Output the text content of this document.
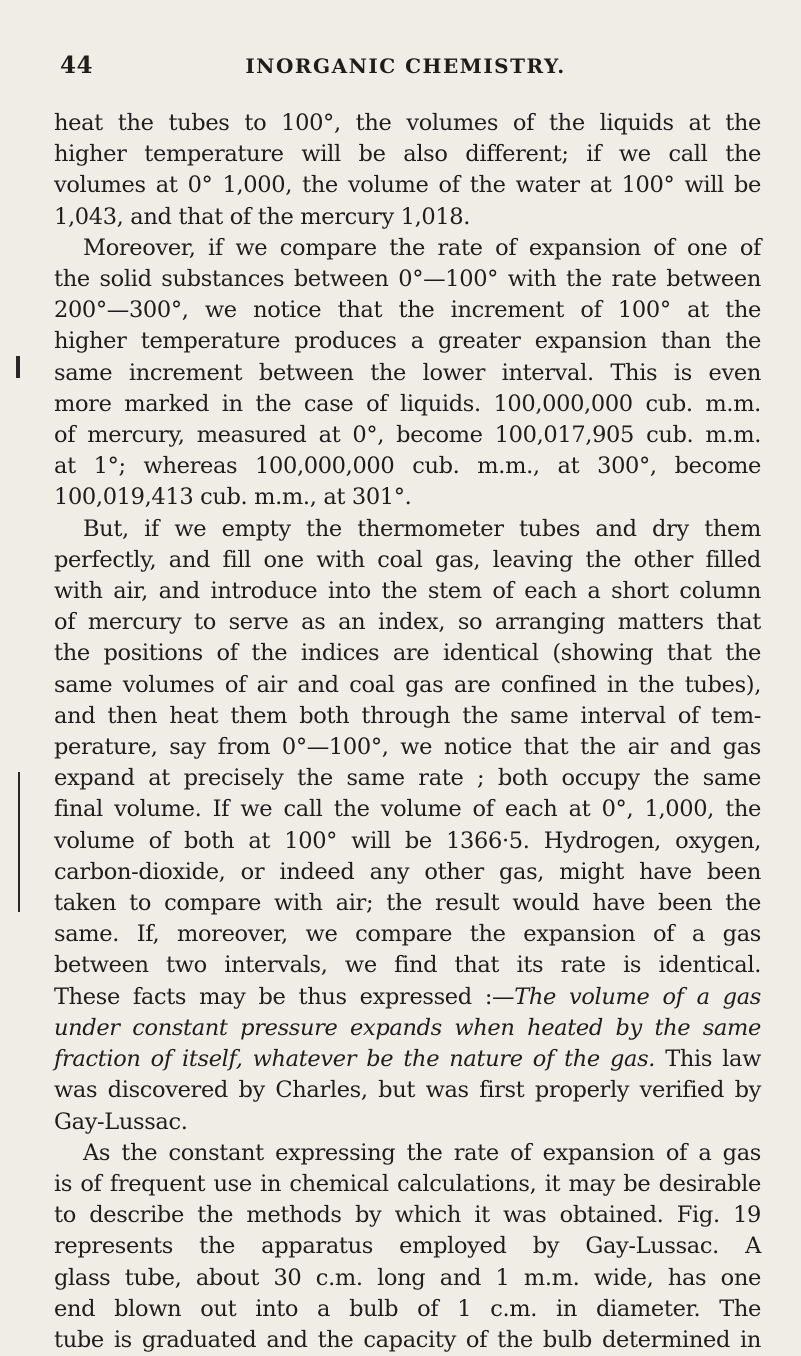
44	INORGANIC CHEMISTRY.
heat the tubes to 100°, the volumes of the liquids at the
higher temperature will be also different; if we call the
volumes at 0° 1,000, the volume of the water at 100° will be
1,043, and that of the mercury 1,018.
Moreover, if we compare the rate of expansion of one of
the solid substances between 0°—100° with the rate between
200°—300°, we notice that the increment of 100° at the
higher temperature produces a greater expansion than the
same increment between the lower interval. This is even
more marked in the case of liquids. 100,000,000 cub. m.m.
of mercury, measured at 0°, become 100,017,905 cub. m.m.
at 1°; whereas 100,000,000 cub. m.m., at 300°, become
100,019,413 cub. m.m., at 301°.
But, if we empty the thermometer tubes and dry them
perfectly, and fill one with coal gas, leaving the other filled
with air, and introduce into the stem of each a short column
of mercury to serve as an index, so arranging matters that
the positions of the indices are identical (showing that the
same volumes of air and coal gas are confined in the tubes),
and then heat them both through the same interval of tem-
perature, say from 0°—100°, we notice that the air and gas
expand at precisely the same rate ; both occupy the same
final volume. If we call the volume of each at 0°, 1,000, the
volume of both at 100° will be 1366·5. Hydrogen, oxygen,
carbon-dioxide, or indeed any other gas, might have been
taken to compare with air; the result would have been the
same. If, moreover, we compare the expansion of a gas
between two intervals, we find that its rate is identical.
These facts may be thus expressed :—The volume of a gas
under constant pressure expands when heated by the same
fraction of itself, whatever be the nature of the gas. This law
was discovered by Charles, but was first properly verified by
Gay-Lussac.
As the constant expressing the rate of expansion of a gas
is of frequent use in chemical calculations, it may be desirable
to describe the methods by which it was obtained. Fig. 19
represents the apparatus employed by Gay-Lussac. A
glass tube, about 30 c.m. long and 1 m.m. wide, has one
end blown out into a bulb of 1 c.m. in diameter. The
tube is graduated and the capacity of the bulb determined in
